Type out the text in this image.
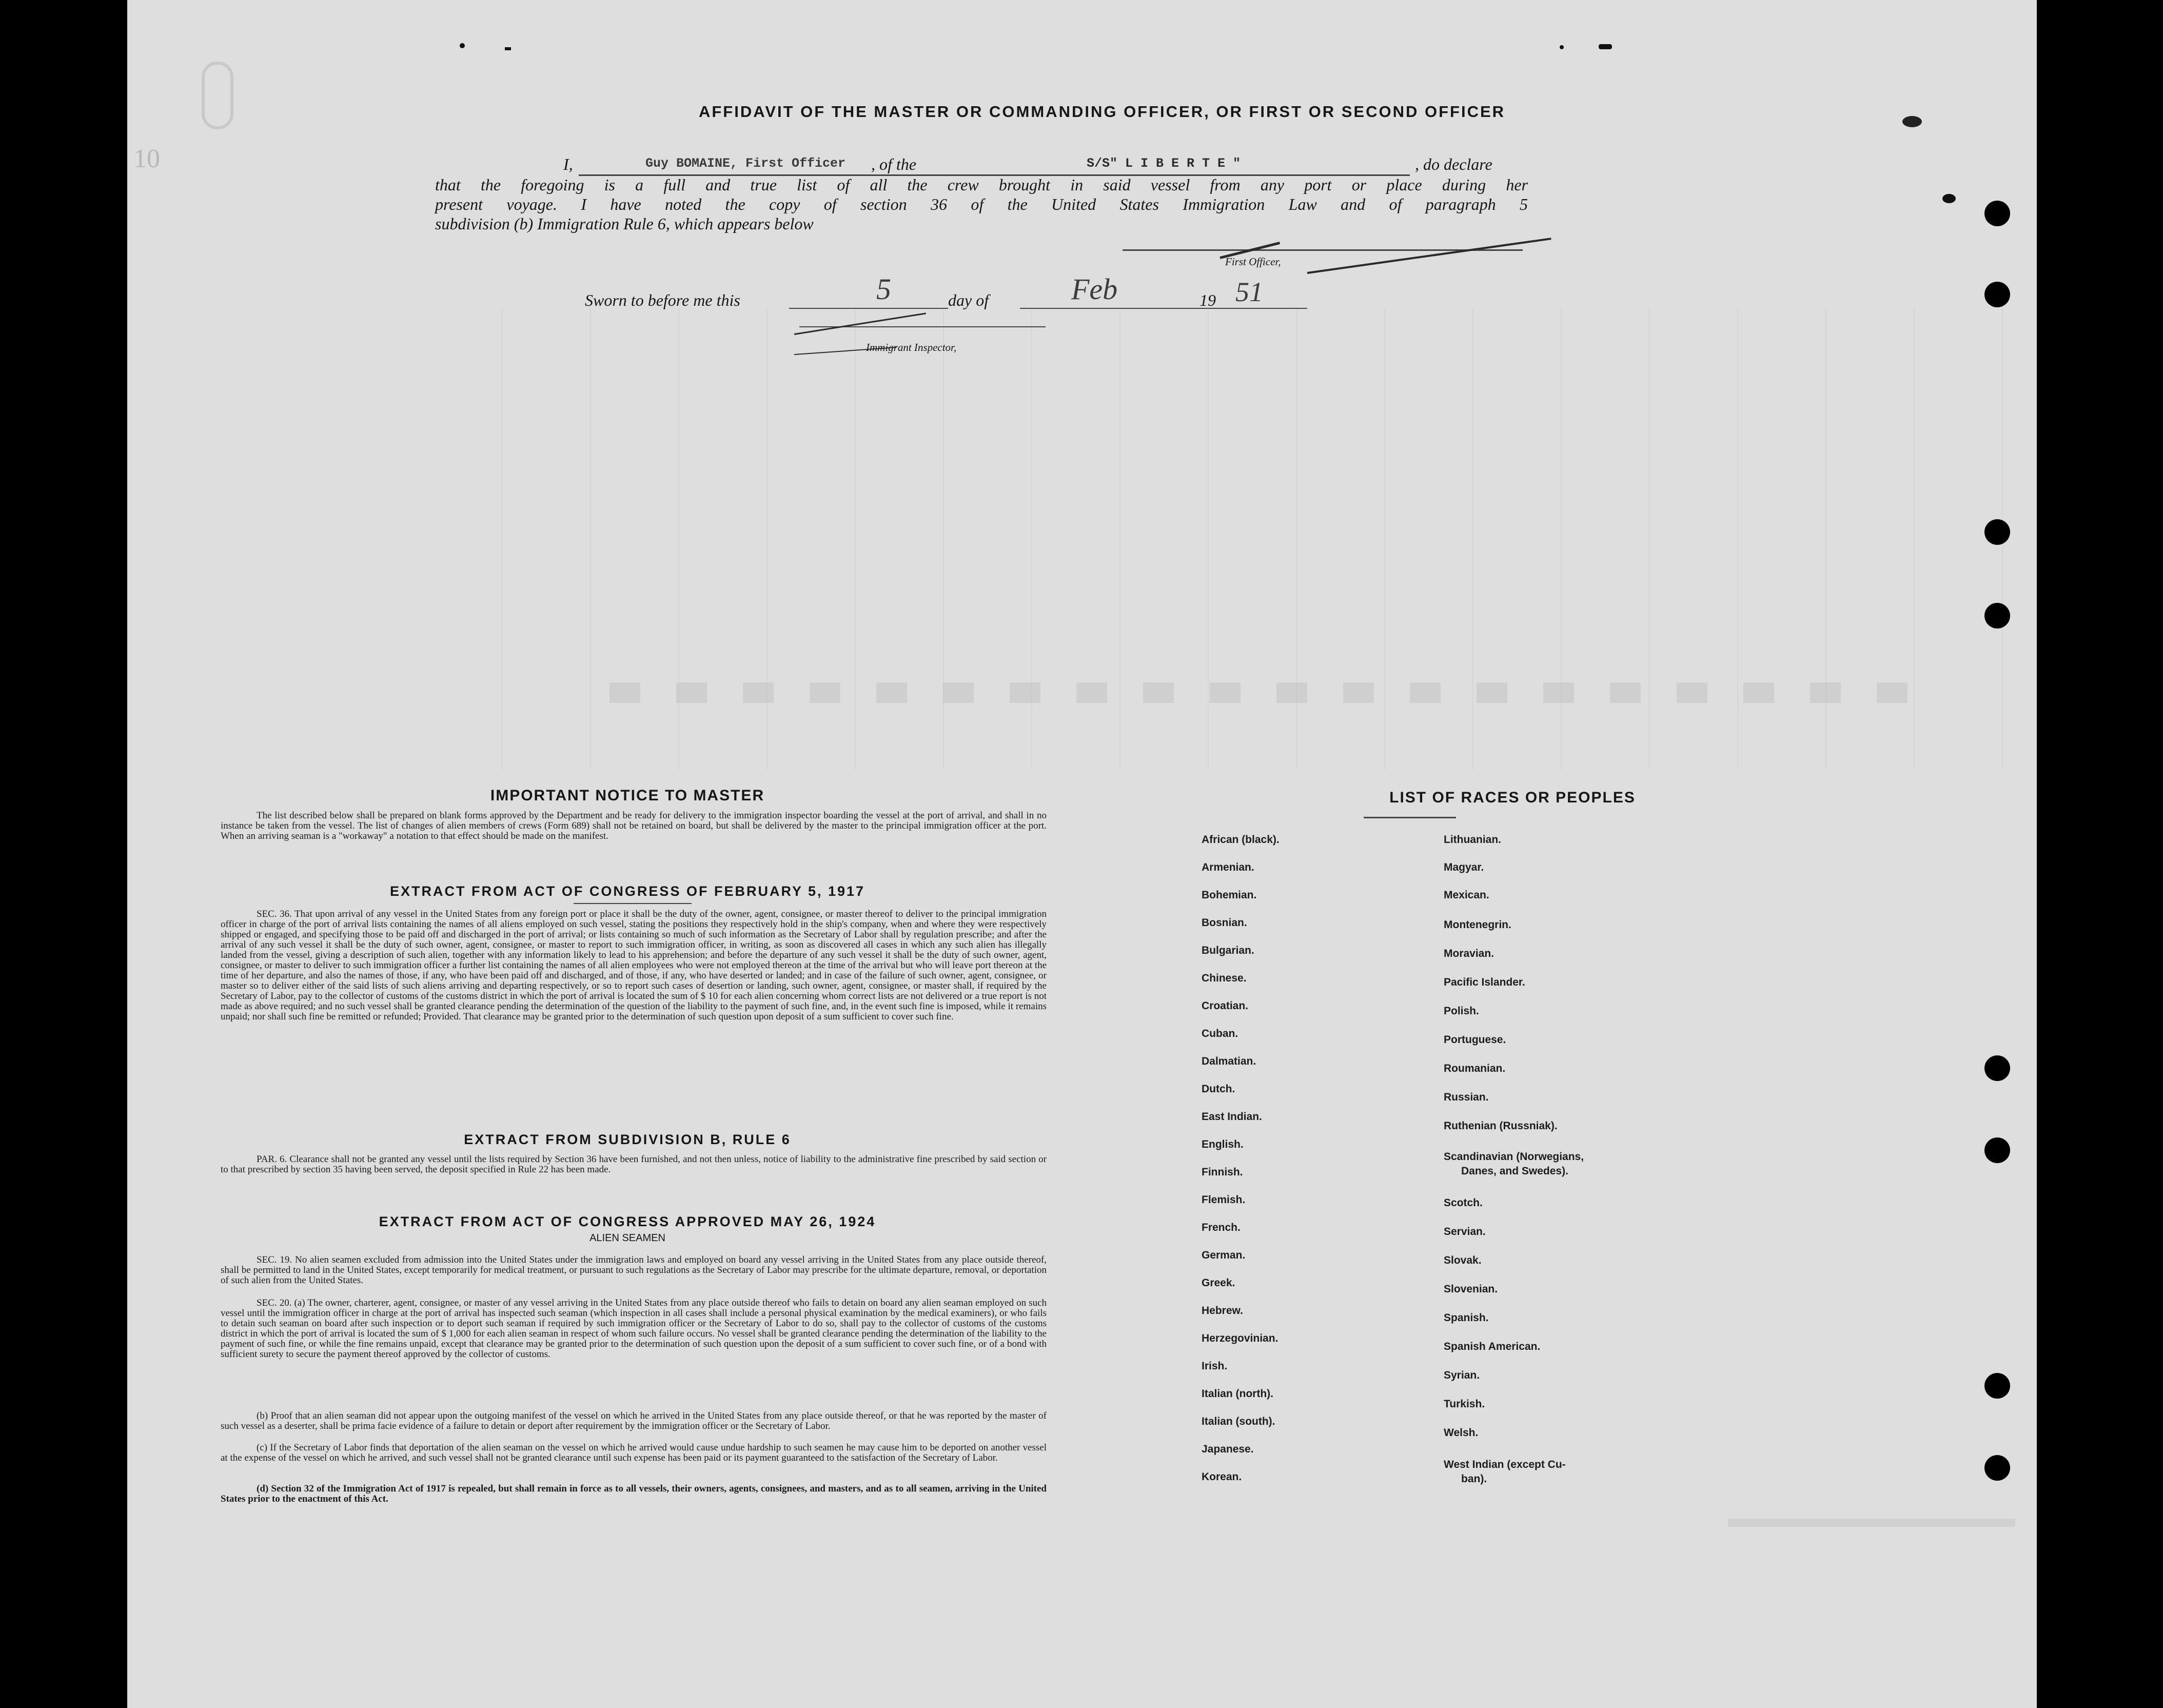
10
AFFIDAVIT OF THE MASTER OR COMMANDING OFFICER, OR FIRST OR SECOND OFFICER
I,	Guy BOMAINE, First Officer , of the	S/S" L I B E R T E "	, do declare
that the foregoing is a full and true list of all the crew brought in said vessel from any port or place during her
present voyage. I have noted the copy of section 36 of the United States Immigration Law and of paragraph 5
subdivision (b) Immigration Rule 6, which appears below
First Officer,
Sworn to before me this	5	day of	Feb	19 51
Immigrant Inspector,
IMPORTANT NOTICE TO MASTER
The list described below shall be prepared on blank forms approved by the Department and be ready for delivery to the immigration inspector boarding the vessel at the port of arrival, and shall in no instance be taken from the vessel. The list of changes of alien members of crews (Form 689) shall not be retained on board, but shall be delivered by the master to the principal immigration officer at the port. When an arriving seaman is a "workaway" a notation to that effect should be made on the manifest.
EXTRACT FROM ACT OF CONGRESS OF FEBRUARY 5, 1917
SEC. 36. That upon arrival of any vessel in the United States from any foreign port or place it shall be the duty of the owner, agent, consignee, or master thereof to deliver to the principal immigration officer in charge of the port of arrival lists containing the names of all aliens employed on such vessel, stating the positions they respectively hold in the ship's company, when and where they were respectively shipped or engaged, and specifying those to be paid off and discharged in the port of arrival; or lists containing so much of such information as the Secretary of Labor shall by regulation prescribe; and after the arrival of any such vessel it shall be the duty of such owner, agent, consignee, or master to report to such immigration officer, in writing, as soon as discovered all cases in which any such alien has illegally landed from the vessel, giving a description of such alien, together with any information likely to lead to his apprehension; and before the departure of any such vessel it shall be the duty of such owner, agent, consignee, or master to deliver to such immigration officer a further list containing the names of all alien employees who were not employed thereon at the time of the arrival but who will leave port thereon at the time of her departure, and also the names of those, if any, who have been paid off and discharged, and of those, if any, who have deserted or landed; and in case of the failure of such owner, agent, consignee, or master so to deliver either of the said lists of such aliens arriving and departing respectively, or so to report such cases of desertion or landing, such owner, agent, consignee, or master shall, if required by the Secretary of Labor, pay to the collector of customs of the customs district in which the port of arrival is located the sum of $ 10 for each alien concerning whom correct lists are not delivered or a true report is not made as above required; and no such vessel shall be granted clearance pending the determination of the question of the liability to the payment of such fine, and, in the event such fine is imposed, while it remains unpaid; nor shall such fine be remitted or refunded; Provided. That clearance may be granted prior to the determination of such question upon deposit of a sum sufficient to cover such fine.
EXTRACT FROM SUBDIVISION B, RULE 6
PAR. 6. Clearance shall not be granted any vessel until the lists required by Section 36 have been furnished, and not then unless, notice of liability to the administrative fine prescribed by said section or to that prescribed by section 35 having been served, the deposit specified in Rule 22 has been made.
EXTRACT FROM ACT OF CONGRESS APPROVED MAY 26, 1924
ALIEN SEAMEN
SEC. 19. No alien seamen excluded from admission into the United States under the immigration laws and employed on board any vessel arriving in the United States from any place outside thereof, shall be permitted to land in the United States, except temporarily for medical treatment, or pursuant to such regulations as the Secretary of Labor may prescribe for the ultimate departure, removal, or deportation of such alien from the United States.
SEC. 20. (a) The owner, charterer, agent, consignee, or master of any vessel arriving in the United States from any place outside thereof who fails to detain on board any alien seaman employed on such vessel until the immigration officer in charge at the port of arrival has inspected such seaman (which inspection in all cases shall include a personal physical examination by the medical examiners), or who fails to detain such seaman on board after such inspection or to deport such seaman if required by such immigration officer or the Secretary of Labor to do so, shall pay to the collector of customs of the customs district in which the port of arrival is located the sum of $ 1,000 for each alien seaman in respect of whom such failure occurs. No vessel shall be granted clearance pending the determination of the liability to the payment of such fine, or while the fine remains unpaid, except that clearance may be granted prior to the determination of such question upon the deposit of a sum sufficient to cover such fine, or of a bond with sufficient surety to secure the payment thereof approved by the collector of customs.
(b) Proof that an alien seaman did not appear upon the outgoing manifest of the vessel on which he arrived in the United States from any place outside thereof, or that he was reported by the master of such vessel as a deserter, shall be prima facie evidence of a failure to detain or deport after requirement by the immigration officer or the Secretary of Labor.
(c) If the Secretary of Labor finds that deportation of the alien seaman on the vessel on which he arrived would cause undue hardship to such seamen he may cause him to be deported on another vessel at the expense of the vessel on which he arrived, and such vessel shall not be granted clearance until such expense has been paid or its payment guaranteed to the satisfaction of the Secretary of Labor.
(d) Section 32 of the Immigration Act of 1917 is repealed, but shall remain in force as to all vessels, their owners, agents, consignees, and masters, and as to all seamen, arriving in the United States prior to the enactment of this Act.
LIST OF RACES OR PEOPLES
African (black).
Armenian.
Bohemian.
Bosnian.
Bulgarian.
Chinese.
Croatian.
Cuban.
Dalmatian.
Dutch.
East Indian.
English.
Finnish.
Flemish.
French.
German.
Greek.
Hebrew.
Herzegovinian.
Irish.
Italian (north).
Italian (south).
Japanese.
Korean.
Lithuanian.
Magyar.
Mexican.
Montenegrin.
Moravian.
Pacific Islander.
Polish.
Portuguese.
Roumanian.
Russian.
Ruthenian (Russniak).
Scandinavian (Norwegians,
Danes, and Swedes).
Scotch.
Servian.
Slovak.
Slovenian.
Spanish.
Spanish American.
Syrian.
Turkish.
Welsh.
West Indian (except Cu-
ban).
